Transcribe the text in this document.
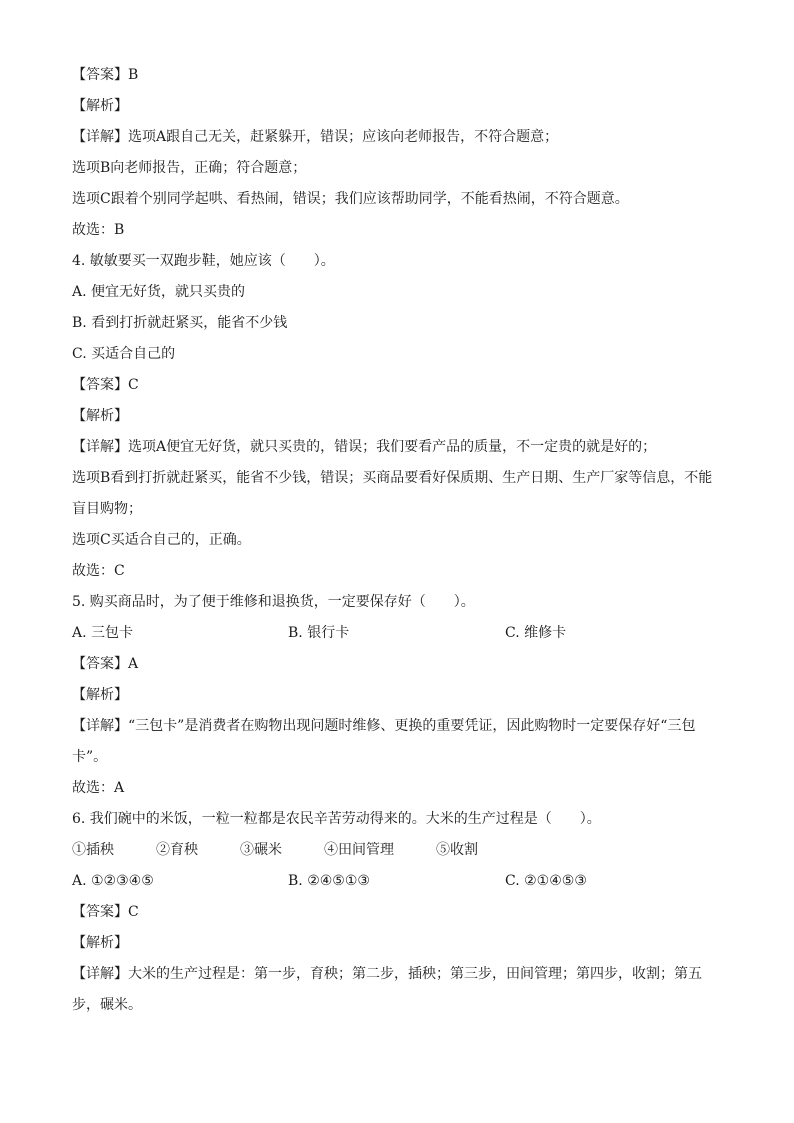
【答案】B
【解析】
【详解】选项A跟自己无关，赶紧躲开，错误；应该向老师报告，不符合题意；
选项B向老师报告，正确；符合题意；
选项C跟着个别同学起哄、看热闹，错误；我们应该帮助同学，不能看热闹，不符合题意。
故选：B
4. 敏敏要买一双跑步鞋，她应该（　　）。
A. 便宜无好货，就只买贵的
B. 看到打折就赶紧买，能省不少钱
C. 买适合自己的
【答案】C
【解析】
【详解】选项A便宜无好货，就只买贵的，错误；我们要看产品的质量，不一定贵的就是好的；
选项B看到打折就赶紧买，能省不少钱，错误；买商品要看好保质期、生产日期、生产厂家等信息，不能
盲目购物；
选项C买适合自己的，正确。
故选：C
5. 购买商品时，为了便于维修和退换货，一定要保存好（　　）。
A. 三包卡	B. 银行卡	C. 维修卡
【答案】A
【解析】
【详解】“三包卡”是消费者在购物出现问题时维修、更换的重要凭证，因此购物时一定要保存好“三包
卡”。
故选：A
6. 我们碗中的米饭，一粒一粒都是农民辛苦劳动得来的。大米的生产过程是（　　）。
①插秧	②育秧	③碾米	④田间管理	⑤收割
A. ①②③④⑤	B. ②④⑤①③	C. ②①④⑤③
【答案】C
【解析】
【详解】大米的生产过程是：第一步，育秧；第二步，插秧；第三步，田间管理；第四步，收割；第五
步，碾米。
